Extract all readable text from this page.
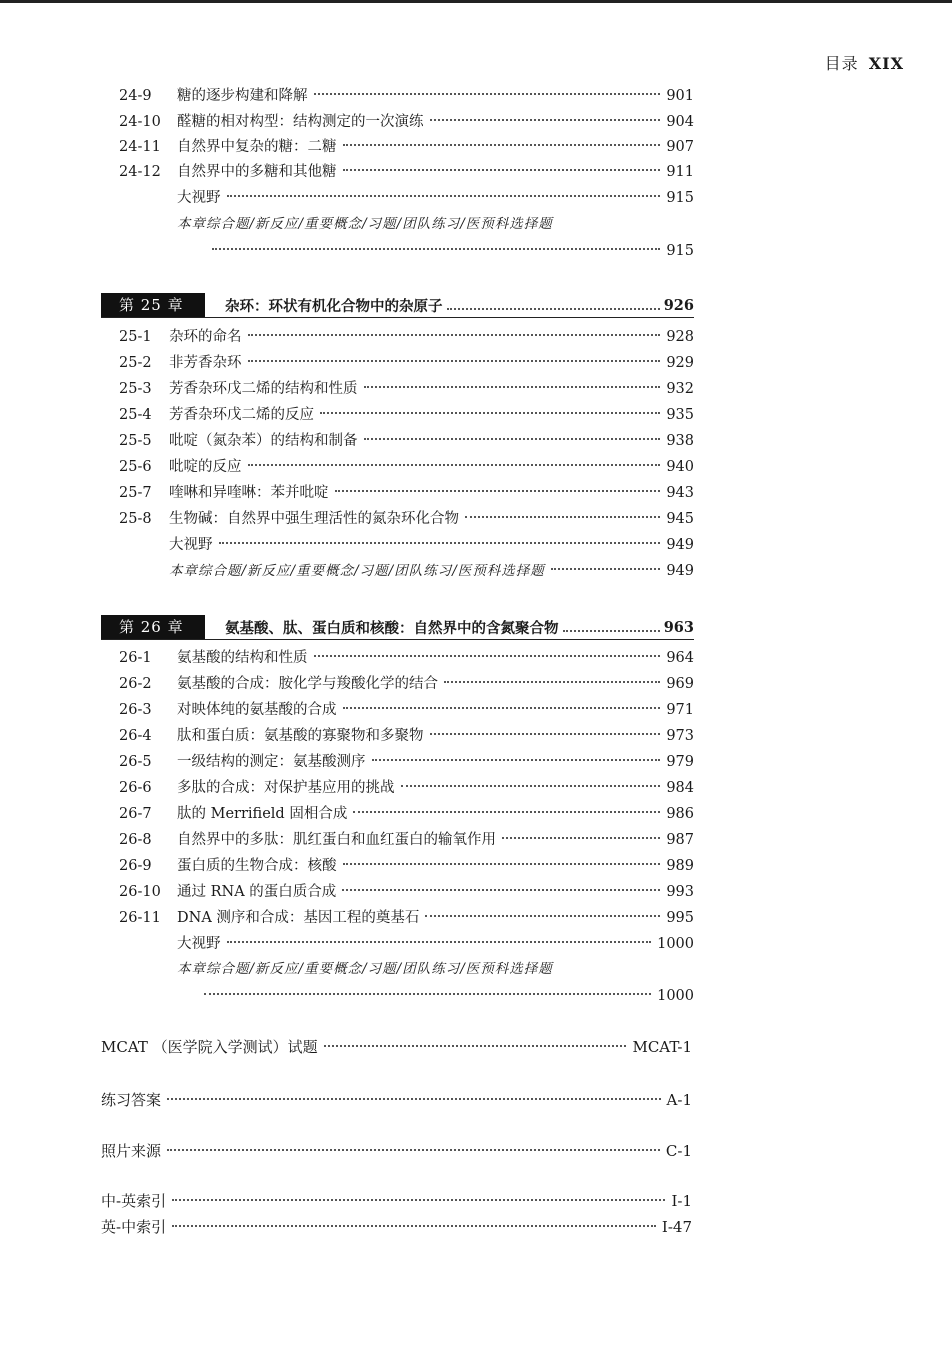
目录 XIX
24-9	糖的逐步构建和降解	901
24-10	醛糖的相对构型：结构测定的一次演练	904
24-11	自然界中复杂的糖：二糖	907
24-12	自然界中的多糖和其他糖	911
大视野	915
本章综合题/新反应/重要概念/习题/团队练习/医预科选择题
915
第 25 章	杂环：环状有机化合物中的杂原子	926
25-1	杂环的命名	928
25-2	非芳香杂环	929
25-3	芳香杂环戊二烯的结构和性质	932
25-4	芳香杂环戊二烯的反应	935
25-5	吡啶（氮杂苯）的结构和制备	938
25-6	吡啶的反应	940
25-7	喹啉和异喹啉：苯并吡啶	943
25-8	生物碱：自然界中强生理活性的氮杂环化合物	945
大视野	949
本章综合题/新反应/重要概念/习题/团队练习/医预科选择题	949
第 26 章	氨基酸、肽、蛋白质和核酸：自然界中的含氮聚合物	963
26-1	氨基酸的结构和性质	964
26-2	氨基酸的合成：胺化学与羧酸化学的结合	969
26-3	对映体纯的氨基酸的合成	971
26-4	肽和蛋白质：氨基酸的寡聚物和多聚物	973
26-5	一级结构的测定：氨基酸测序	979
26-6	多肽的合成：对保护基应用的挑战	984
26-7	肽的 Merrifield 固相合成	986
26-8	自然界中的多肽：肌红蛋白和血红蛋白的输氧作用	987
26-9	蛋白质的生物合成：核酸	989
26-10	通过 RNA 的蛋白质合成	993
26-11	DNA 测序和合成：基因工程的奠基石	995
大视野	1000
本章综合题/新反应/重要概念/习题/团队练习/医预科选择题
1000
MCAT （医学院入学测试）试题	MCAT-1
练习答案	A-1
照片来源	C-1
中-英索引	I-1
英-中索引	I-47
